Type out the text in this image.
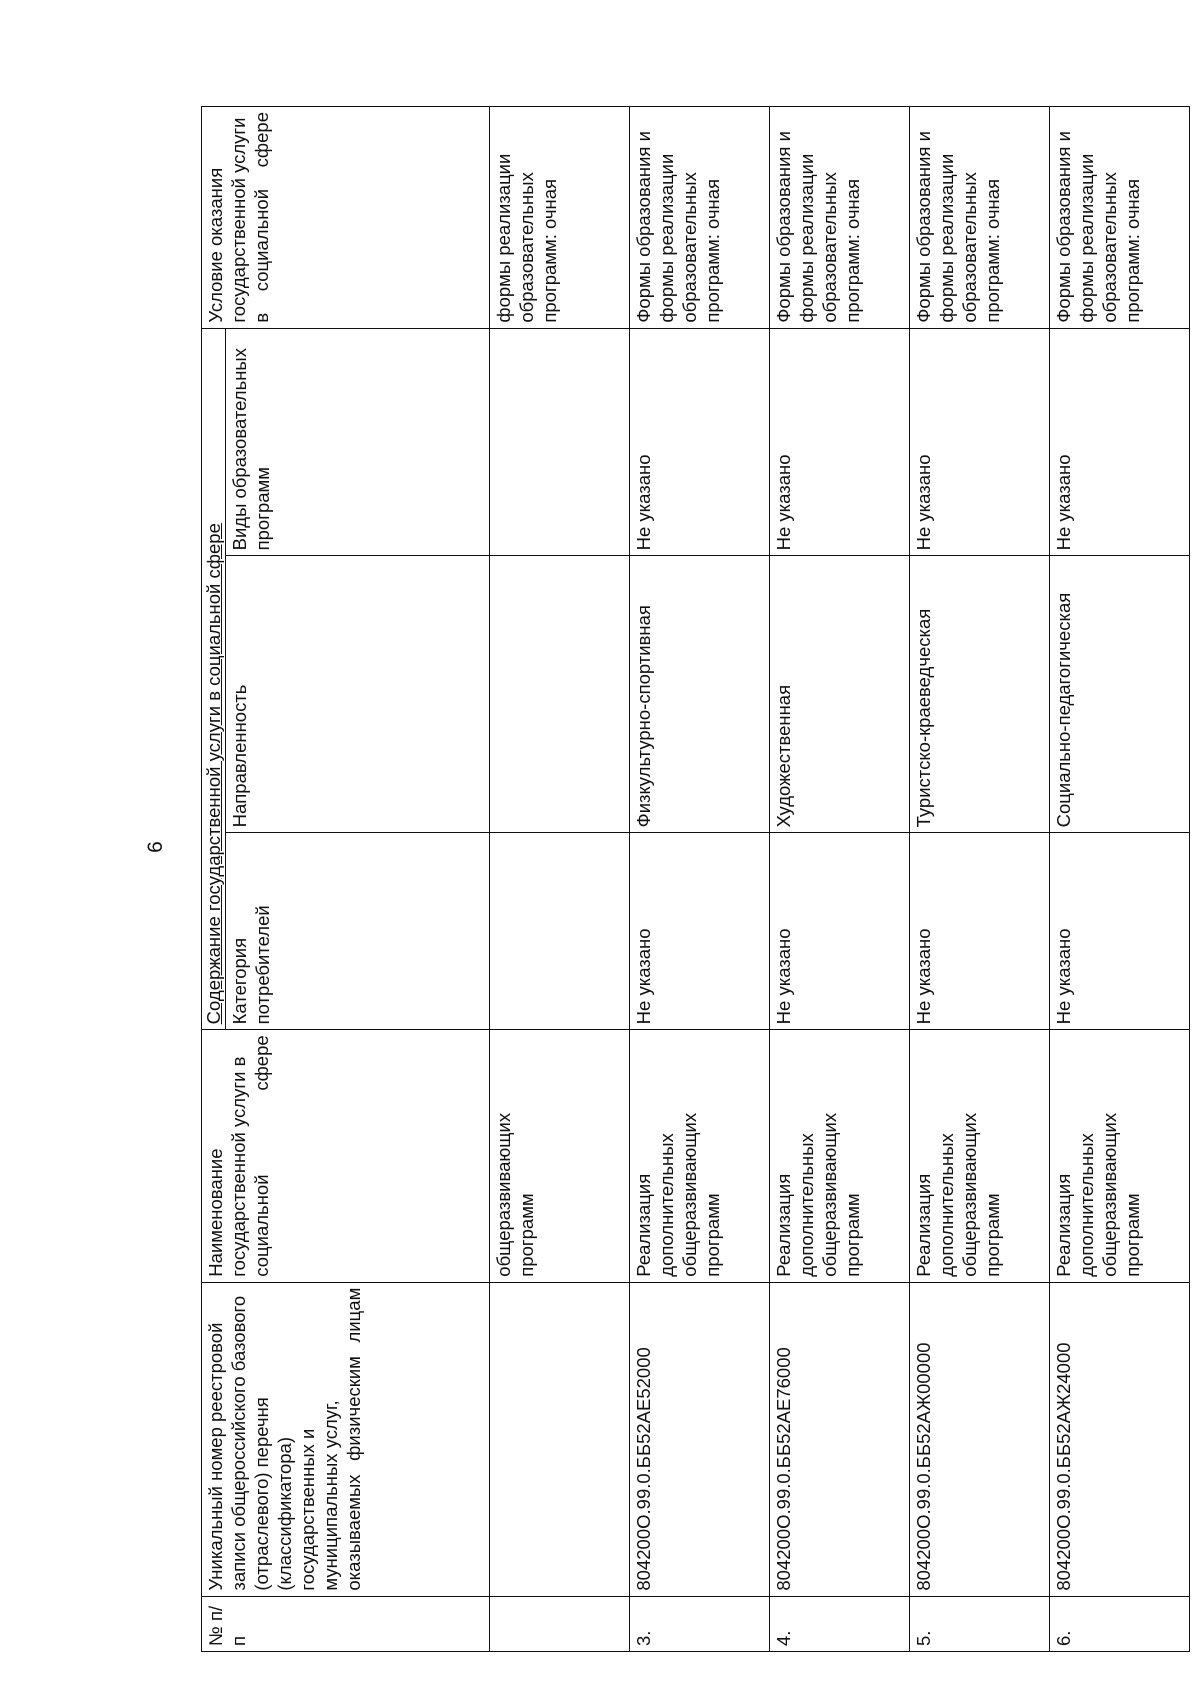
6
№ п/п	Уникальный номер реестровой записи общероссийского базового (отраслевого) перечня (классификатора) государственных и муниципальных услуг, оказываемых физическим лицам	Наименование государственной услуги в социальной сфере	Содержание государственной услуги в социальной сфере			Условие оказания государственной услуги в социальной сфере
			Категория потребителей	Направленность	Виды образовательных программ	
		общеразвивающих программ				формы реализации образовательных программ: очная
3.	804200О.99.0.ББ52АЕ52000	Реализация дополнительных общеразвивающих программ	Не указано	Физкультурно-спортивная	Не указано	Формы образования и формы реализации образовательных программ: очная
4.	804200О.99.0.ББ52АЕ76000	Реализация дополнительных общеразвивающих программ	Не указано	Художественная	Не указано	Формы образования и формы реализации образовательных программ: очная
5.	804200О.99.0.ББ52АЖ00000	Реализация дополнительных общеразвивающих программ	Не указано	Туристско-краеведческая	Не указано	Формы образования и формы реализации образовательных программ: очная
6.	804200О.99.0.ББ52АЖ24000	Реализация дополнительных общеразвивающих программ	Не указано	Социально-педагогическая	Не указано	Формы образования и формы реализации образовательных программ: очная
